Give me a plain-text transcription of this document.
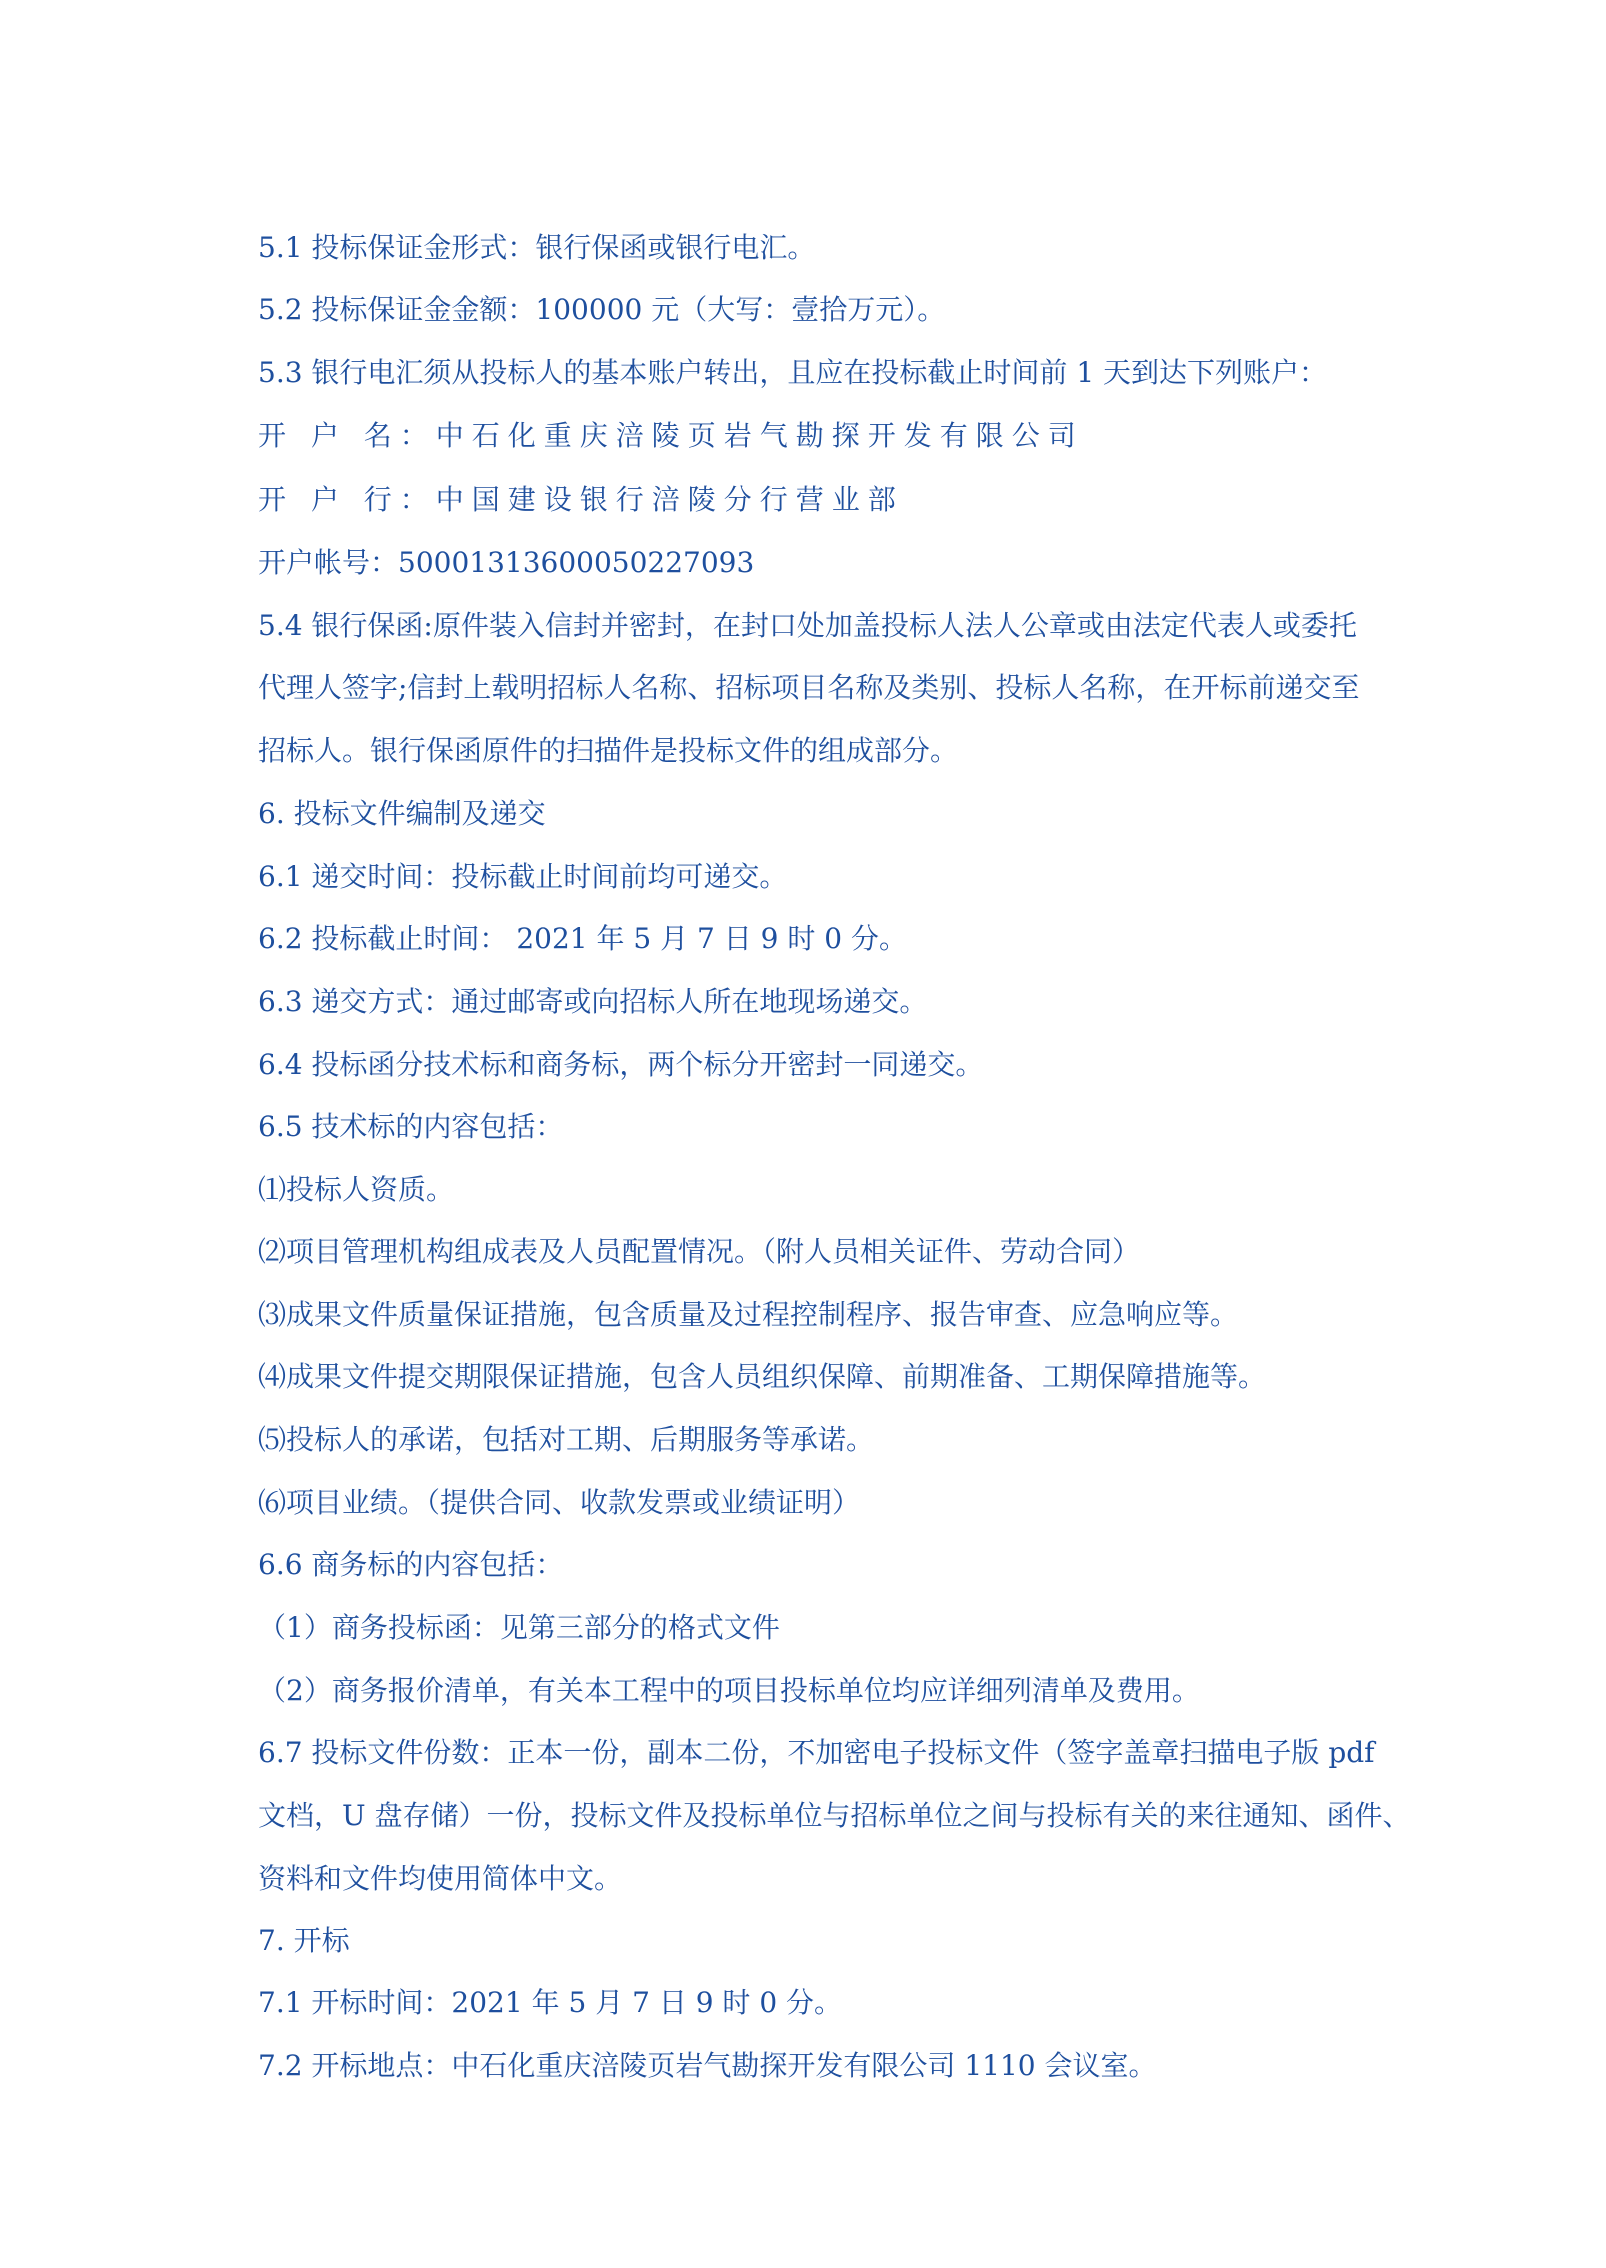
5.1 投标保证金形式：银行保函或银行电汇。

5.2 投标保证金金额：100000 元（大写：壹拾万元）。

5.3 银行电汇须从投标人的基本账户转出，且应在投标截止时间前 1 天到达下列账户：

开 户 名：中石化重庆涪陵页岩气勘探开发有限公司

开 户 行：中国建设银行涪陵分行营业部

开户帐号：50001313600050227093

5.4 银行保函:原件装入信封并密封，在封口处加盖投标人法人公章或由法定代表人或委托

代理人签字;信封上载明招标人名称、招标项目名称及类别、投标人名称，在开标前递交至

招标人。银行保函原件的扫描件是投标文件的组成部分。

6. 投标文件编制及递交

6.1 递交时间：投标截止时间前均可递交。

6.2 投标截止时间： 2021 年 5 月 7 日 9 时 0 分。

6.3 递交方式：通过邮寄或向招标人所在地现场递交。

6.4 投标函分技术标和商务标，两个标分开密封一同递交。

6.5 技术标的内容包括：

⑴投标人资质。

⑵项目管理机构组成表及人员配置情况。（附人员相关证件、劳动合同）

⑶成果文件质量保证措施，包含质量及过程控制程序、报告审查、应急响应等。

⑷成果文件提交期限保证措施，包含人员组织保障、前期准备、工期保障措施等。

⑸投标人的承诺，包括对工期、后期服务等承诺。

⑹项目业绩。（提供合同、收款发票或业绩证明）

6.6 商务标的内容包括：

（1）商务投标函：见第三部分的格式文件

（2）商务报价清单，有关本工程中的项目投标单位均应详细列清单及费用。

6.7 投标文件份数：正本一份，副本二份，不加密电子投标文件（签字盖章扫描电子版 pdf

文档，U 盘存储）一份，投标文件及投标单位与招标单位之间与投标有关的来往通知、函件、

资料和文件均使用简体中文。

7. 开标

7.1 开标时间：2021 年 5 月 7 日 9 时 0 分。

7.2 开标地点：中石化重庆涪陵页岩气勘探开发有限公司 1110 会议室。
